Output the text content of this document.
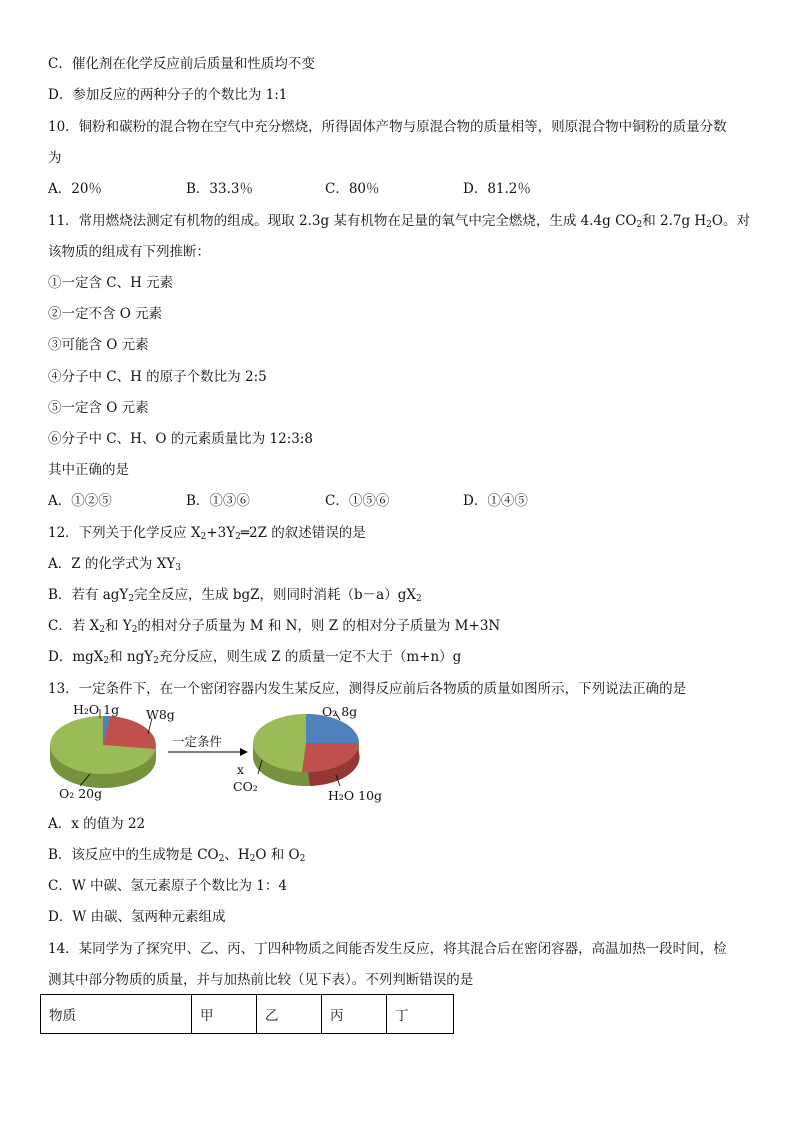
C．催化剂在化学反应前后质量和性质均不变
D．参加反应的两种分子的个数比为 1:1
10．铜粉和碳粉的混合物在空气中充分燃烧，所得固体产物与原混合物的质量相等，则原混合物中铜粉的质量分数
为
A．20％	B．33.3％	C．80％	D．81.2％
11．常用燃烧法测定有机物的组成。现取 2.3g 某有机物在足量的氧气中完全燃烧，生成 4.4g $CO_2$和 2.7g $H_2O$。对
该物质的组成有下列推断：
①一定含 C、H 元素
②一定不含 O 元素
③可能含 O 元素
④分子中 C、H 的原子个数比为 2:5
⑤一定含 O 元素
⑥分子中 C、H、O 的元素质量比为 12:3:8
其中正确的是
A．①②⑤	B．①③⑥	C．①⑤⑥	D．①④⑤
12．下列关于化学反应 $X_2+3Y_2═2Z$ 的叙述错误的是
A．Z 的化学式为 $XY_3$
B．若有 agY$_2$完全反应，生成 bgZ，则同时消耗$(b-a)gX_2$
C．若 $X_2$和 $Y_2$的相对分子质量为 M 和 N，则 Z 的相对分子质量为 M+3N
D．mgX$_2$和 ngY$_2$充分反应，则生成 Z 的质量一定不大于（m+n）g
13．一定条件下，在一个密闭容器内发生某反应，测得反应前后各物质的质量如图所示，下列说法正确的是
H₂O 1g W8g
O₂ 20g
一定条件
O₂ 8g
x
CO₂
H₂O 10g
A．x 的值为 22
B．该反应中的生成物是 $CO_2$、$H_2O$ 和 $O_2$
C．W 中碳、氢元素原子个数比为 1：4
D．W 由碳、氢两种元素组成
14．某同学为了探究甲、乙、丙、丁四种物质之间能否发生反应，将其混合后在密闭容器，高温加热一段时间，检
测其中部分物质的质量，并与加热前比较（见下表）。不列判断错误的是
物质	甲	乙	丙	丁
